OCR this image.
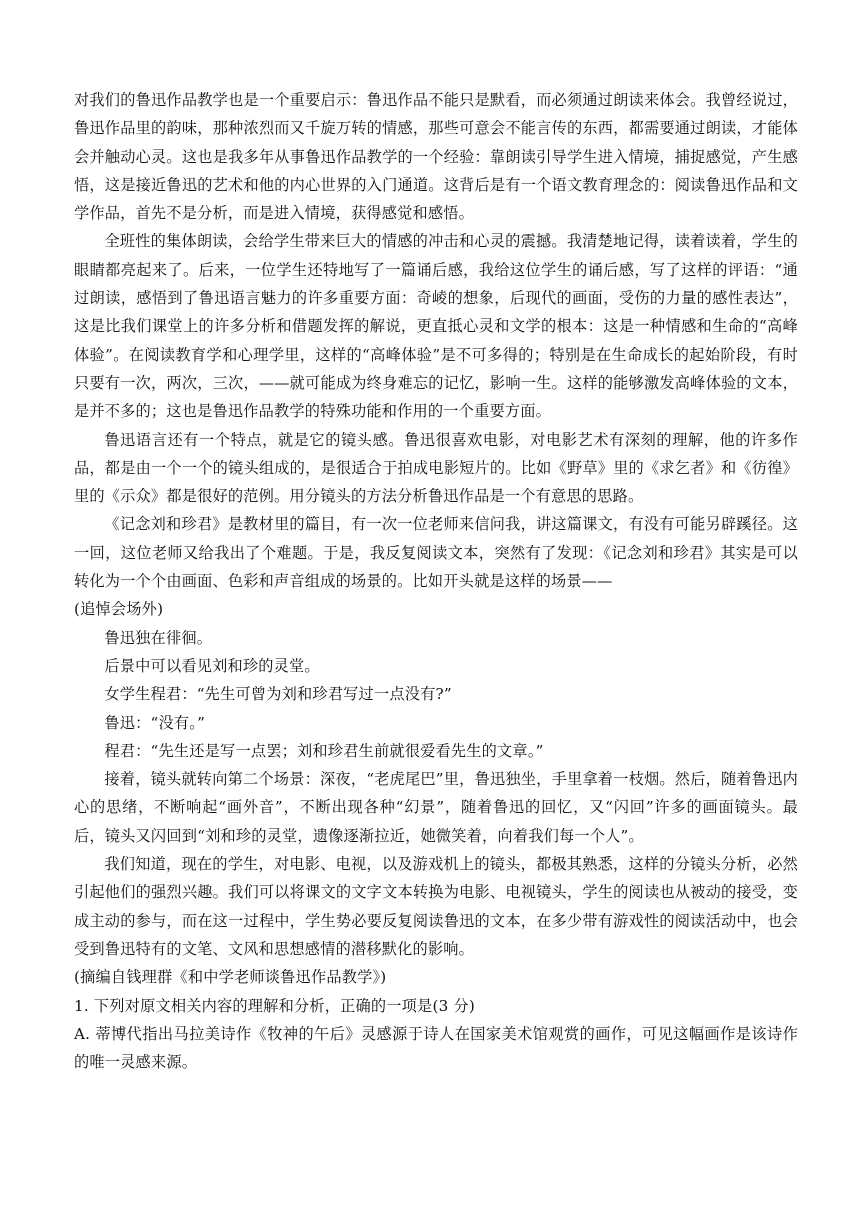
对我们的鲁迅作品教学也是一个重要启示：鲁迅作品不能只是默看，而必须通过朗读来体会。我曾经说过，鲁迅作品里的韵味，那种浓烈而又千旋万转的情感，那些可意会不能言传的东西，都需要通过朗读，才能体会并触动心灵。这也是我多年从事鲁迅作品教学的一个经验：靠朗读引导学生进入情境，捕捉感觉，产生感悟，这是接近鲁迅的艺术和他的内心世界的入门通道。这背后是有一个语文教育理念的：阅读鲁迅作品和文学作品，首先不是分析，而是进入情境，获得感觉和感悟。

全班性的集体朗读，会给学生带来巨大的情感的冲击和心灵的震撼。我清楚地记得，读着读着，学生的眼睛都亮起来了。后来，一位学生还特地写了一篇诵后感，我给这位学生的诵后感，写了这样的评语：“通过朗读，感悟到了鲁迅语言魅力的许多重要方面：奇崚的想象，后现代的画面，受伤的力量的感性表达”，这是比我们课堂上的许多分析和借题发挥的解说，更直抵心灵和文学的根本：这是一种情感和生命的“高峰体验”。在阅读教育学和心理学里，这样的“高峰体验”是不可多得的；特别是在生命成长的起始阶段，有时只要有一次，两次，三次，——就可能成为终身难忘的记忆，影响一生。这样的能够激发高峰体验的文本，是并不多的；这也是鲁迅作品教学的特殊功能和作用的一个重要方面。

鲁迅语言还有一个特点，就是它的镜头感。鲁迅很喜欢电影，对电影艺术有深刻的理解，他的许多作品，都是由一个一个的镜头组成的，是很适合于拍成电影短片的。比如《野草》里的《求乞者》和《彷徨》里的《示众》都是很好的范例。用分镜头的方法分析鲁迅作品是一个有意思的思路。

《记念刘和珍君》是教材里的篇目，有一次一位老师来信问我，讲这篇课文，有没有可能另辟蹊径。这一回，这位老师又给我出了个难题。于是，我反复阅读文本，突然有了发现：《记念刘和珍君》其实是可以转化为一个个由画面、色彩和声音组成的场景的。比如开头就是这样的场景——

(追悼会场外)

鲁迅独在徘徊。

后景中可以看见刘和珍的灵堂。

女学生程君：“先生可曾为刘和珍君写过一点没有?”

鲁迅：“没有。”

程君：“先生还是写一点罢；刘和珍君生前就很爱看先生的文章。”

接着，镜头就转向第二个场景：深夜，“老虎尾巴”里，鲁迅独坐，手里拿着一枝烟。然后，随着鲁迅内心的思绪，不断响起“画外音”，不断出现各种“幻景”，随着鲁迅的回忆，又“闪回”许多的画面镜头。最后，镜头又闪回到“刘和珍的灵堂，遗像逐渐拉近，她微笑着，向着我们每一个人”。

我们知道，现在的学生，对电影、电视，以及游戏机上的镜头，都极其熟悉，这样的分镜头分析，必然引起他们的强烈兴趣。我们可以将课文的文字文本转换为电影、电视镜头，学生的阅读也从被动的接受，变成主动的参与，而在这一过程中，学生势必要反复阅读鲁迅的文本，在多少带有游戏性的阅读活动中，也会受到鲁迅特有的文笔、文风和思想感情的潜移默化的影响。

(摘编自钱理群《和中学老师谈鲁迅作品教学》)

1. 下列对原文相关内容的理解和分析，正确的一项是(3 分)

A. 蒂博代指出马拉美诗作《牧神的午后》灵感源于诗人在国家美术馆观赏的画作，可见这幅画作是该诗作的唯一灵感来源。
